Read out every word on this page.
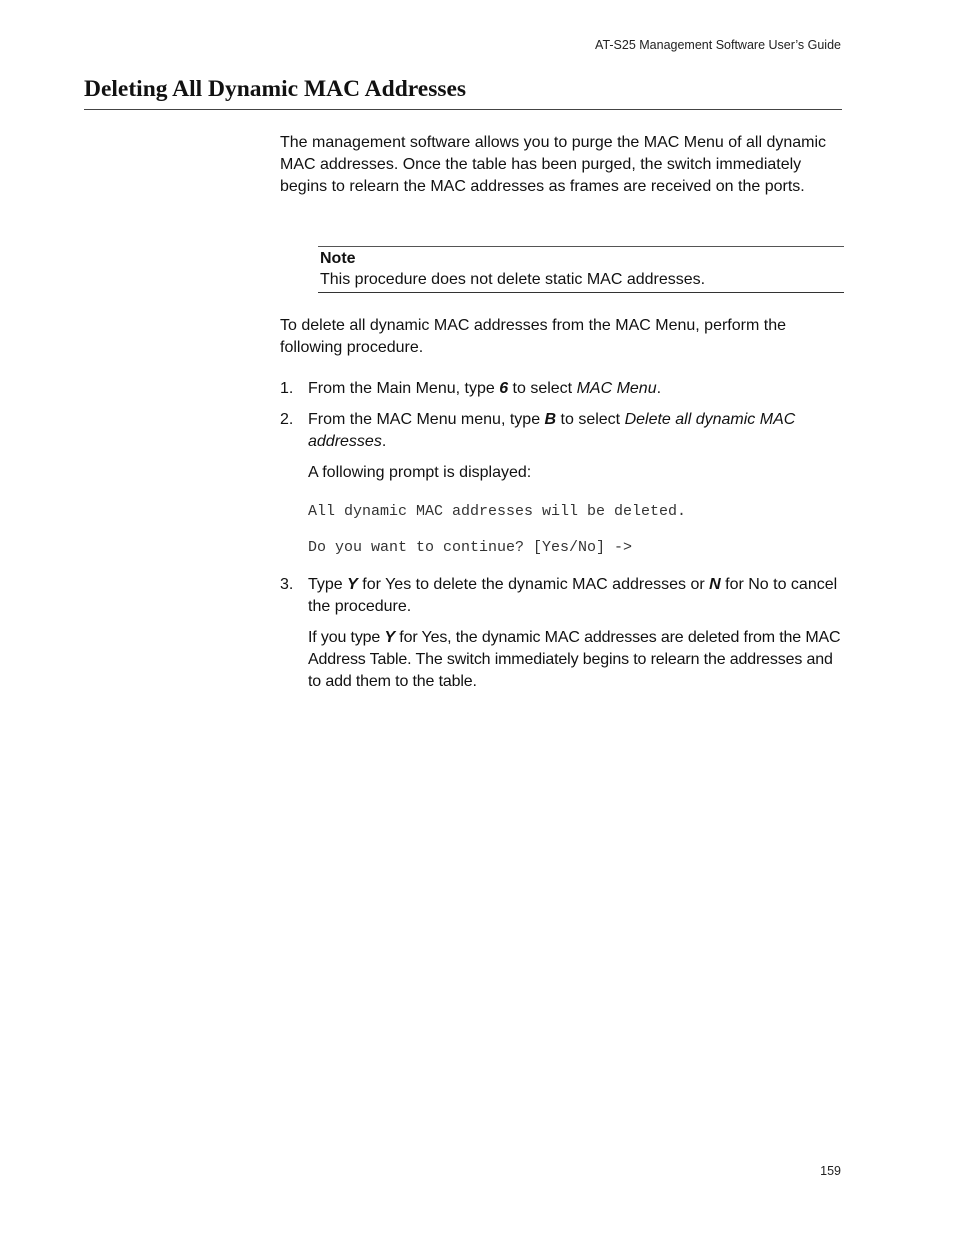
AT-S25 Management Software User’s Guide
Deleting All Dynamic MAC Addresses

The management software allows you to purge the MAC Menu of all dynamic MAC addresses. Once the table has been purged, the switch immediately begins to relearn the MAC addresses as frames are received on the ports.

Note
This procedure does not delete static MAC addresses.

To delete all dynamic MAC addresses from the MAC Menu, perform the following procedure.

1. From the Main Menu, type 6 to select MAC Menu.

2. From the MAC Menu menu, type B to select Delete all dynamic MAC addresses.

A following prompt is displayed:

All dynamic MAC addresses will be deleted.
Do you want to continue? [Yes/No] ->
3. Type Y for Yes to delete the dynamic MAC addresses or N for No to cancel the procedure.

If you type Y for Yes, the dynamic MAC addresses are deleted from the MAC Address Table. The switch immediately begins to relearn the addresses and to add them to the table.

159
